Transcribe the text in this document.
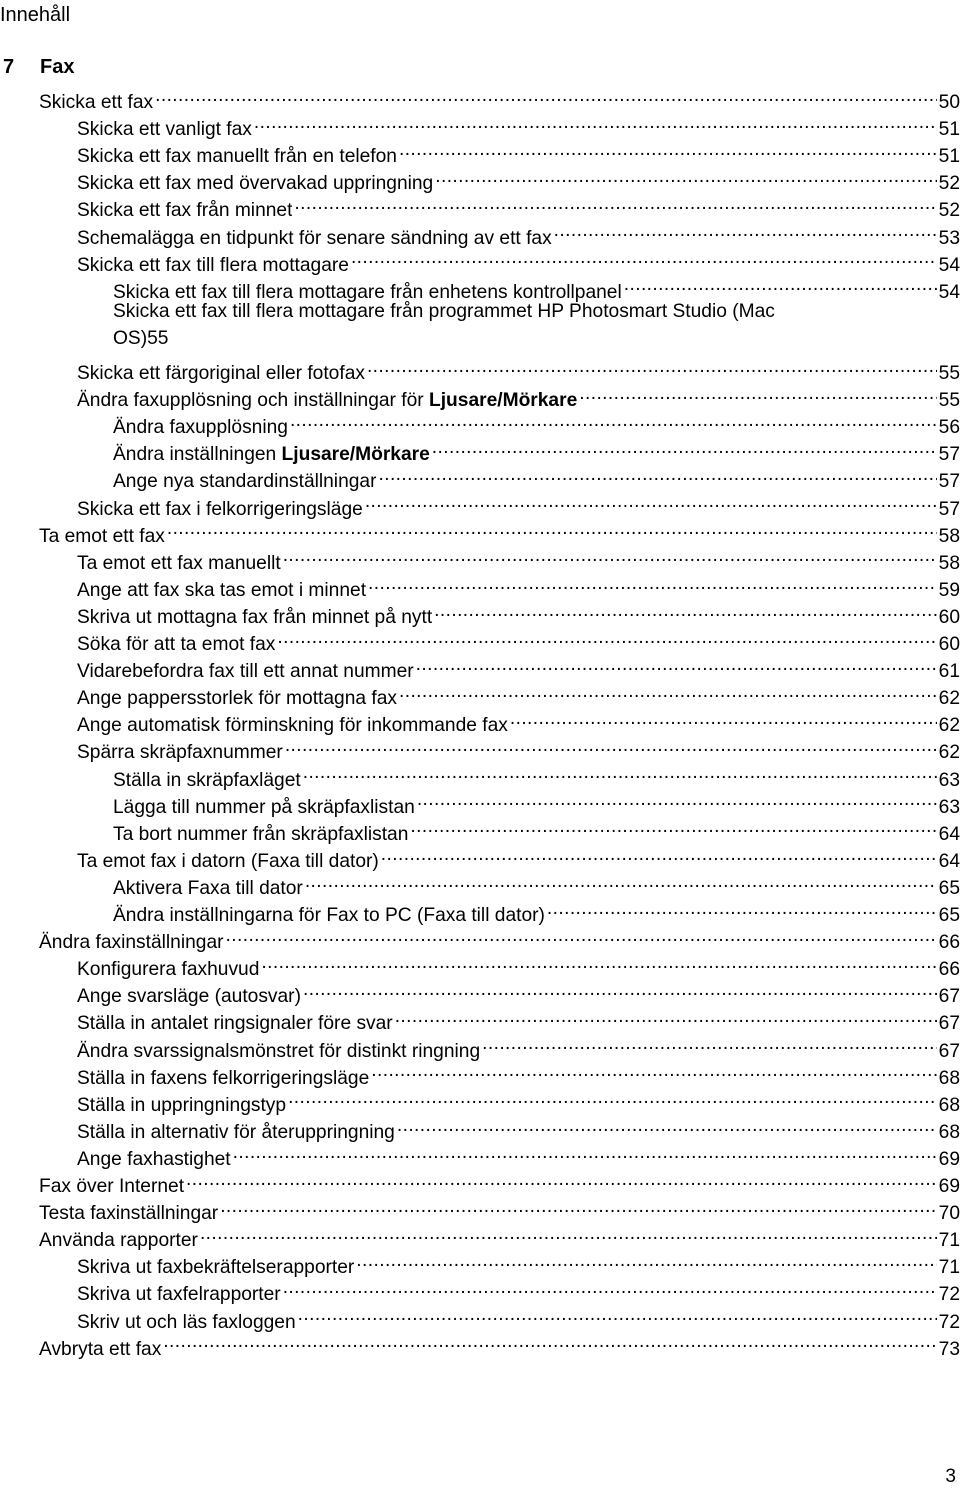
Innehåll
7 Fax
Skicka ett fax .....	50
Skicka ett vanligt fax .....	51
Skicka ett fax manuellt från en telefon .....	51
Skicka ett fax med övervakad uppringning .....	52
Skicka ett fax från minnet .....	52
Schemalägga en tidpunkt för senare sändning av ett fax .....	53
Skicka ett fax till flera mottagare .....	54
Skicka ett fax till flera mottagare från enhetens kontrollpanel .....	54
Skicka ett fax till flera mottagare från programmet HP Photosmart Studio (Mac
OS) 55
Skicka ett färgoriginal eller fotofax .....	55
Ändra faxupplösning och inställningar för Ljusare/Mörkare .....	55
Ändra faxupplösning .....	56
Ändra inställningen Ljusare/Mörkare .....	57
Ange nya standardinställningar .....	57
Skicka ett fax i felkorrigeringsläge .....	57
Ta emot ett fax .....	58
Ta emot ett fax manuellt .....	58
Ange att fax ska tas emot i minnet .....	59
Skriva ut mottagna fax från minnet på nytt .....	60
Söka för att ta emot fax .....	60
Vidarebefordra fax till ett annat nummer .....	61
Ange pappersstorlek för mottagna fax .....	62
Ange automatisk förminskning för inkommande fax .....	62
Spärra skräpfaxnummer .....	62
Ställa in skräpfaxläget .....	63
Lägga till nummer på skräpfaxlistan .....	63
Ta bort nummer från skräpfaxlistan .....	64
Ta emot fax i datorn (Faxa till dator) .....	64
Aktivera Faxa till dator .....	65
Ändra inställningarna för Fax to PC (Faxa till dator) .....	65
Ändra faxinställningar .....	66
Konfigurera faxhuvud .....	66
Ange svarsläge (autosvar) .....	67
Ställa in antalet ringsignaler före svar .....	67
Ändra svarssignalsmönstret för distinkt ringning .....	67
Ställa in faxens felkorrigeringsläge .....	68
Ställa in uppringningstyp .....	68
Ställa in alternativ för återuppringning .....	68
Ange faxhastighet .....	69
Fax över Internet .....	69
Testa faxinställningar .....	70
Använda rapporter .....	71
Skriva ut faxbekräftelserapporter .....	71
Skriva ut faxfelrapporter .....	72
Skriv ut och läs faxloggen .....	72
Avbryta ett fax .....	73
3
